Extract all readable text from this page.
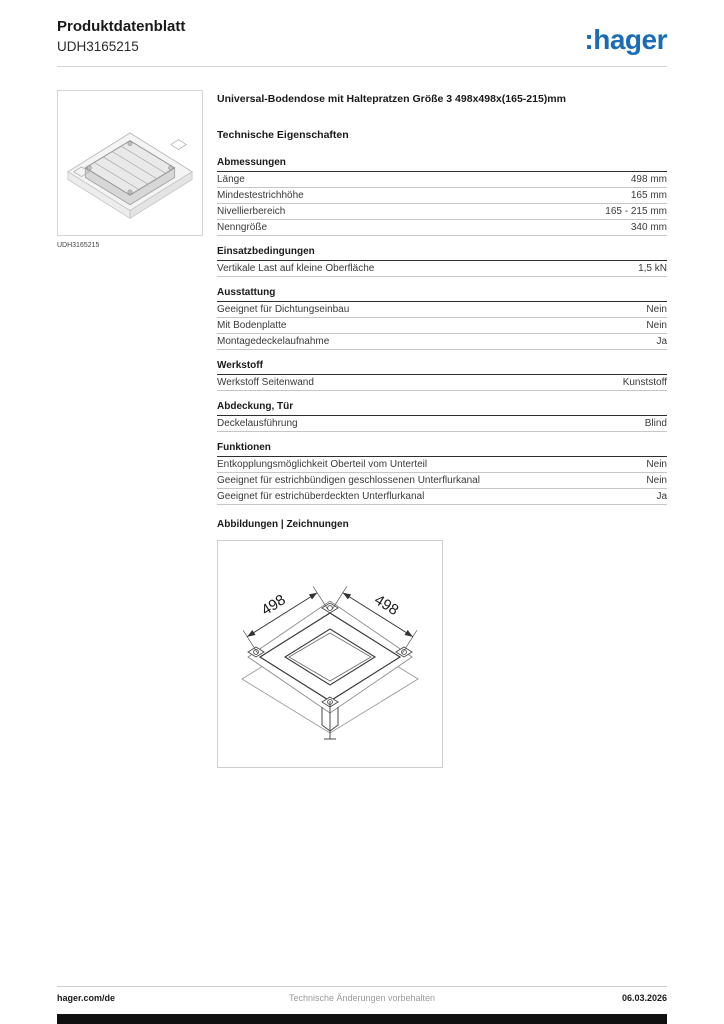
Produktdatenblatt
UDH3165215	:hager
UDH3165215
Universal-Bodendose mit Haltepratzen Größe 3 498x498x(165-215)mm
Technische Eigenschaften
Abmessungen
Länge	498 mm
Mindestestrichhöhe	165 mm
Nivellierbereich	165 - 215 mm
Nenngröße	340 mm
Einsatzbedingungen
Vertikale Last auf kleine Oberfläche	1,5 kN
Ausstattung
Geeignet für Dichtungseinbau	Nein
Mit Bodenplatte	Nein
Montagedeckelaufnahme	Ja
Werkstoff
Werkstoff Seitenwand	Kunststoff
Abdeckung, Tür
Deckelausführung	Blind
Funktionen
Entkopplungsmöglichkeit Oberteil vom Unterteil	Nein
Geeignet für estrichbündigen geschlossenen Unterflurkanal	Nein
Geeignet für estrichüberdeckten Unterflurkanal	Ja
Abbildungen | Zeichnungen
498	498
hager.com/de	Technische Änderungen vorbehalten	06.03.2026
